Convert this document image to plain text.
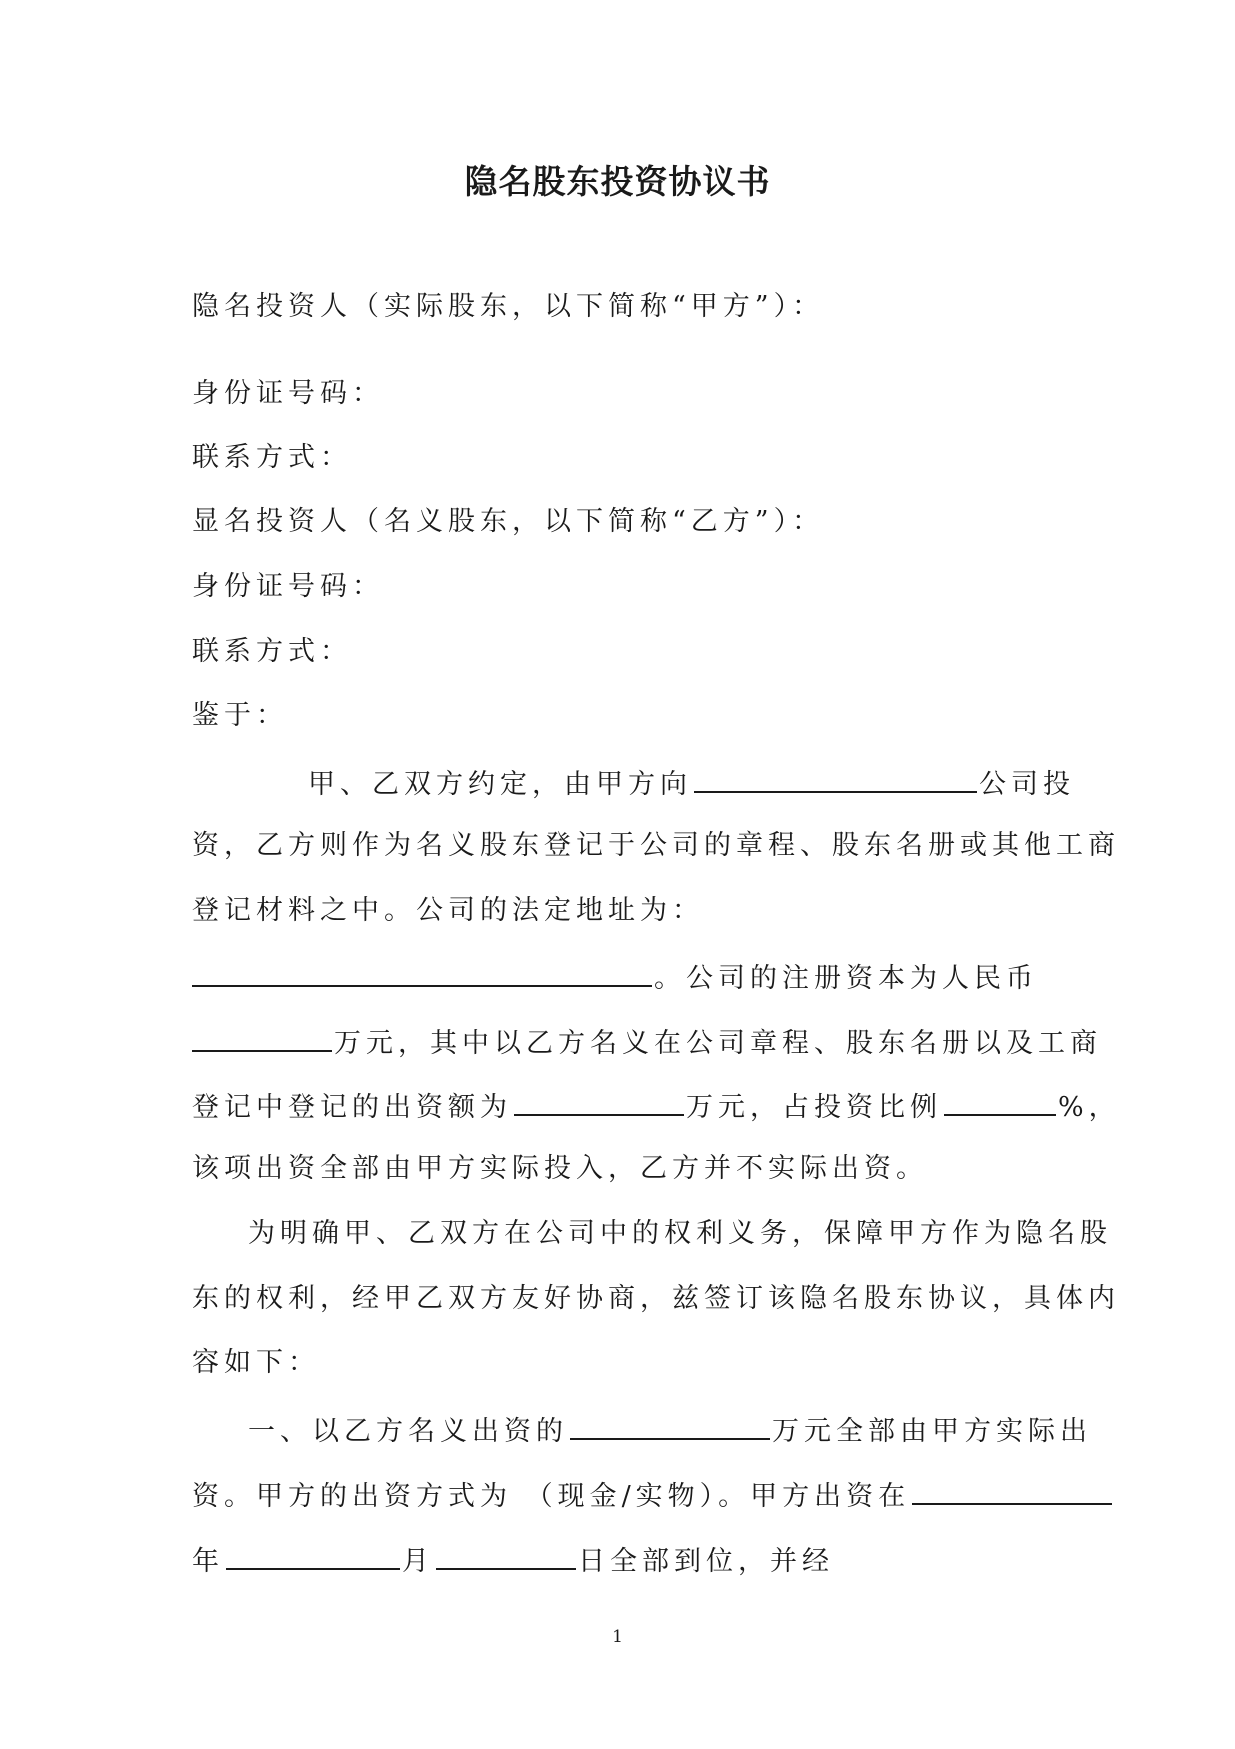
隐名股东投资协议书
隐名投资人（实际股东，以下简称“甲方”）：
身份证号码：
联系方式：
显名投资人（名义股东，以下简称“乙方”）：
身份证号码：
联系方式：
鉴于：
甲、乙双方约定，由甲方向	公司投
资，乙方则作为名义股东登记于公司的章程、股东名册或其他工商
登记材料之中。公司的法定地址为：
。公司的注册资本为人民币
万元，其中以乙方名义在公司章程、股东名册以及工商
登记中登记的出资额为	万元，占投资比例	%，
该项出资全部由甲方实际投入，乙方并不实际出资。
为明确甲、乙双方在公司中的权利义务，保障甲方作为隐名股
东的权利，经甲乙双方友好协商，兹签订该隐名股东协议，具体内
容如下：
一、以乙方名义出资的	万元全部由甲方实际出
资。甲方的出资方式为 （现金/实物）。甲方出资在
年	月	日全部到位，并经
1
